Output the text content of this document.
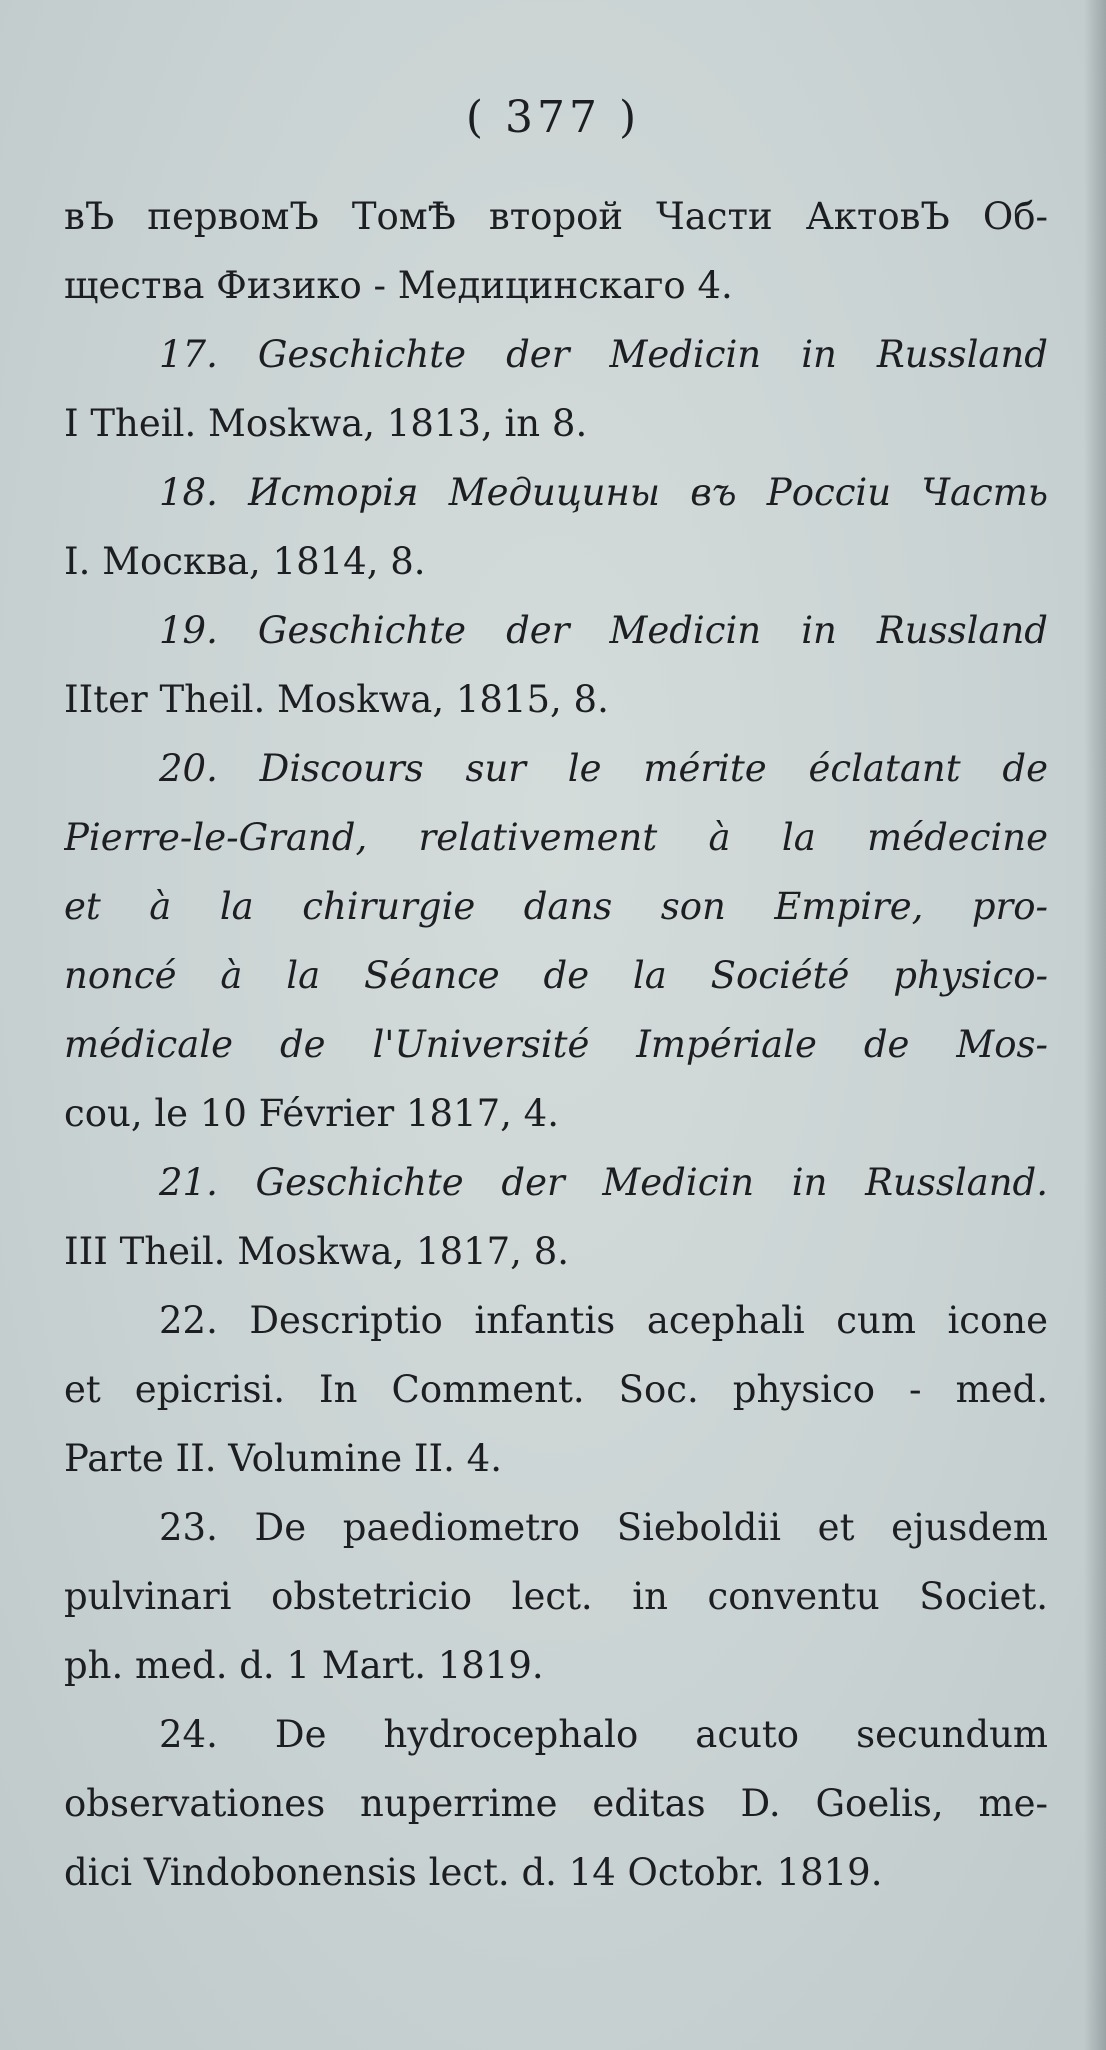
( 377 )
вЪ первомЪ ТомѢ второй Части АктовЪ Об-
щества Физико - Медицинскаго 4.
17. Geschichte der Medicin in Russland
I Theil. Moskwa, 1813, in 8.
18. Исторія Медицины въ Россіи Часть
I. Москва, 1814, 8.
19. Geschichte der Medicin in Russland
IIter Theil. Moskwa, 1815, 8.
20. Discours sur le mérite éclatant de
Pierre-le-Grand, relativement à la médecine
et à la chirurgie dans son Empire, pro-
noncé à la Séance de la Société physico-
médicale de l'Université Impériale de Mos-
cou, le 10 Février 1817, 4.
21. Geschichte der Medicin in Russland.
III Theil. Moskwa, 1817, 8.
22. Descriptio infantis acephali cum icone
et epicrisi. In Comment. Soc. physico - med.
Parte II. Volumine II. 4.
23. De paediometro Sieboldii et ejusdem
pulvinari obstetricio lect. in conventu Societ.
ph. med. d. 1 Mart. 1819.
24. De hydrocephalo acuto secundum
observationes nuperrime editas D. Goelis, me-
dici Vindobonensis lect. d. 14 Octobr. 1819.
